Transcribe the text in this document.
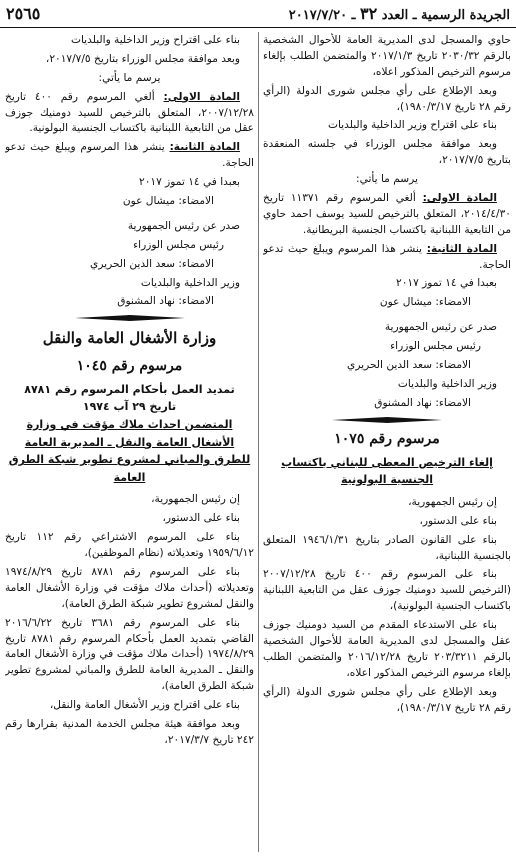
الجريدة الرسمية ـ العدد ٣٢ ـ ٢٠١٧/٧/٢٠
٢٥٦٥

حاوي والمسجل لدى المديرية العامة للأحوال الشخصية بالرقم ٢٠٣٠/٣٢ تاريخ ٢٠١٧/١/٣ والمتضمن الطلب بإلغاء مرسوم الترخيص المذكور اعلاه،

وبعد الإطلاع على رأي مجلس شورى الدولة (الرأي رقم ٢٨ تاريخ ١٩٨٠/٣/١٧)،

بناء على اقتراح وزير الداخلية والبلديات

وبعد موافقة مجلس الوزراء في جلسته المنعقدة بتاريخ ٢٠١٧/٧/٥،

يرسم ما يأتي:

المادة الاولى: ألغي المرسوم رقم ١١٣٧١ تاريخ ٢٠١٤/٤/٣٠، المتعلق بالترخيص للسيد يوسف احمد حاوي من التابعية اللبنانية باكتساب الجنسية البريطانية.

المادة الثانية: ينشر هذا المرسوم ويبلغ حيث تدعو الحاجة.

بعبدا في ١٤ تموز ٢٠١٧

الامضاء: ميشال عون

صدر عن رئيس الجمهورية

رئيس مجلس الوزراء

الامضاء: سعد الدين الحريري

وزير الداخلية والبلديات

الامضاء: نهاد المشنوق

مرسوم رقم ١٠٧٥

إلغاء الترخيص المعطى للبناني باكتساب الجنسية البولونية

إن رئيس الجمهورية،

بناء على الدستور،

بناء على القانون الصادر بتاريخ ١٩٤٦/١/٣١ المتعلق بالجنسية اللبنانية،

بناء على المرسوم رقم ٤٠٠ تاريخ ٢٠٠٧/١٢/٢٨ (الترخيص للسيد دومنيك جوزف عقل من التابعية اللبنانية باكتساب الجنسية البولونية)،

بناء على الاستدعاء المقدم من السيد دومنيك جوزف عقل والمسجل لدى المديرية العامة للأحوال الشخصية بالرقم ٢٠٣/٣٢١١ تاريخ ٢٠١٦/١٢/٢٨ والمتضمن الطلب بإلغاء مرسوم الترخيص المذكور اعلاه،

وبعد الإطلاع على رأي مجلس شورى الدولة (الرأي رقم ٢٨ تاريخ ١٩٨٠/٣/١٧)،

بناء على اقتراح وزير الداخلية والبلديات

وبعد موافقة مجلس الوزراء بتاريخ ٢٠١٧/٧/٥،

يرسم ما يأتي:

المادة الاولى: ألغي المرسوم رقم ٤٠٠ تاريخ ٢٠٠٧/١٢/٢٨، المتعلق بالترخيص للسيد دومنيك جوزف عقل من التابعية اللبنانية باكتساب الجنسية البولونية.

المادة الثانية: ينشر هذا المرسوم ويبلغ حيث تدعو الحاجة.

بعبدا في ١٤ تموز ٢٠١٧

الامضاء: ميشال عون

صدر عن رئيس الجمهورية

رئيس مجلس الوزراء

الامضاء: سعد الدين الحريري

وزير الداخلية والبلديات

الامضاء: نهاد المشنوق

وزارة الأشغال العامة والنقل

مرسوم رقم ١٠٤٥

تمديد العمل بأحكام المرسوم رقم ٨٧٨١

تاريخ ٢٩ آب ١٩٧٤

المتضمن احداث ملاك مؤقت في وزارة الأشغال العامة والنقل ـ المديرية العامة للطرق والمباني لمشروع تطوير شبكة الطرق العامة

إن رئيس الجمهورية،

بناء على الدستور،

بناء على المرسوم الاشتراعي رقم ١١٢ تاريخ ١٩٥٩/٦/١٢ وتعديلاته (نظام الموظفين)،

بناء على المرسوم رقم ٨٧٨١ تاريخ ١٩٧٤/٨/٢٩ وتعديلاته (أحداث ملاك مؤقت في وزارة الأشغال العامة والنقل لمشروع تطوير شبكة الطرق العامة)،

بناء على المرسوم رقم ٣٦٨١ تاريخ ٢٠١٦/٦/٢٢ القاضي بتمديد العمل بأحكام المرسوم رقم ٨٧٨١ تاريخ ١٩٧٤/٨/٢٩ (أحداث ملاك مؤقت في وزارة الأشغال العامة والنقل ـ المديرية العامة للطرق والمباني لمشروع تطوير شبكة الطرق العامة)،

بناء على اقتراح وزير الأشغال العامة والنقل،

وبعد موافقة هيئة مجلس الخدمة المدنية بقرارها رقم ٢٤٢ تاريخ ٢٠١٧/٣/٧،
